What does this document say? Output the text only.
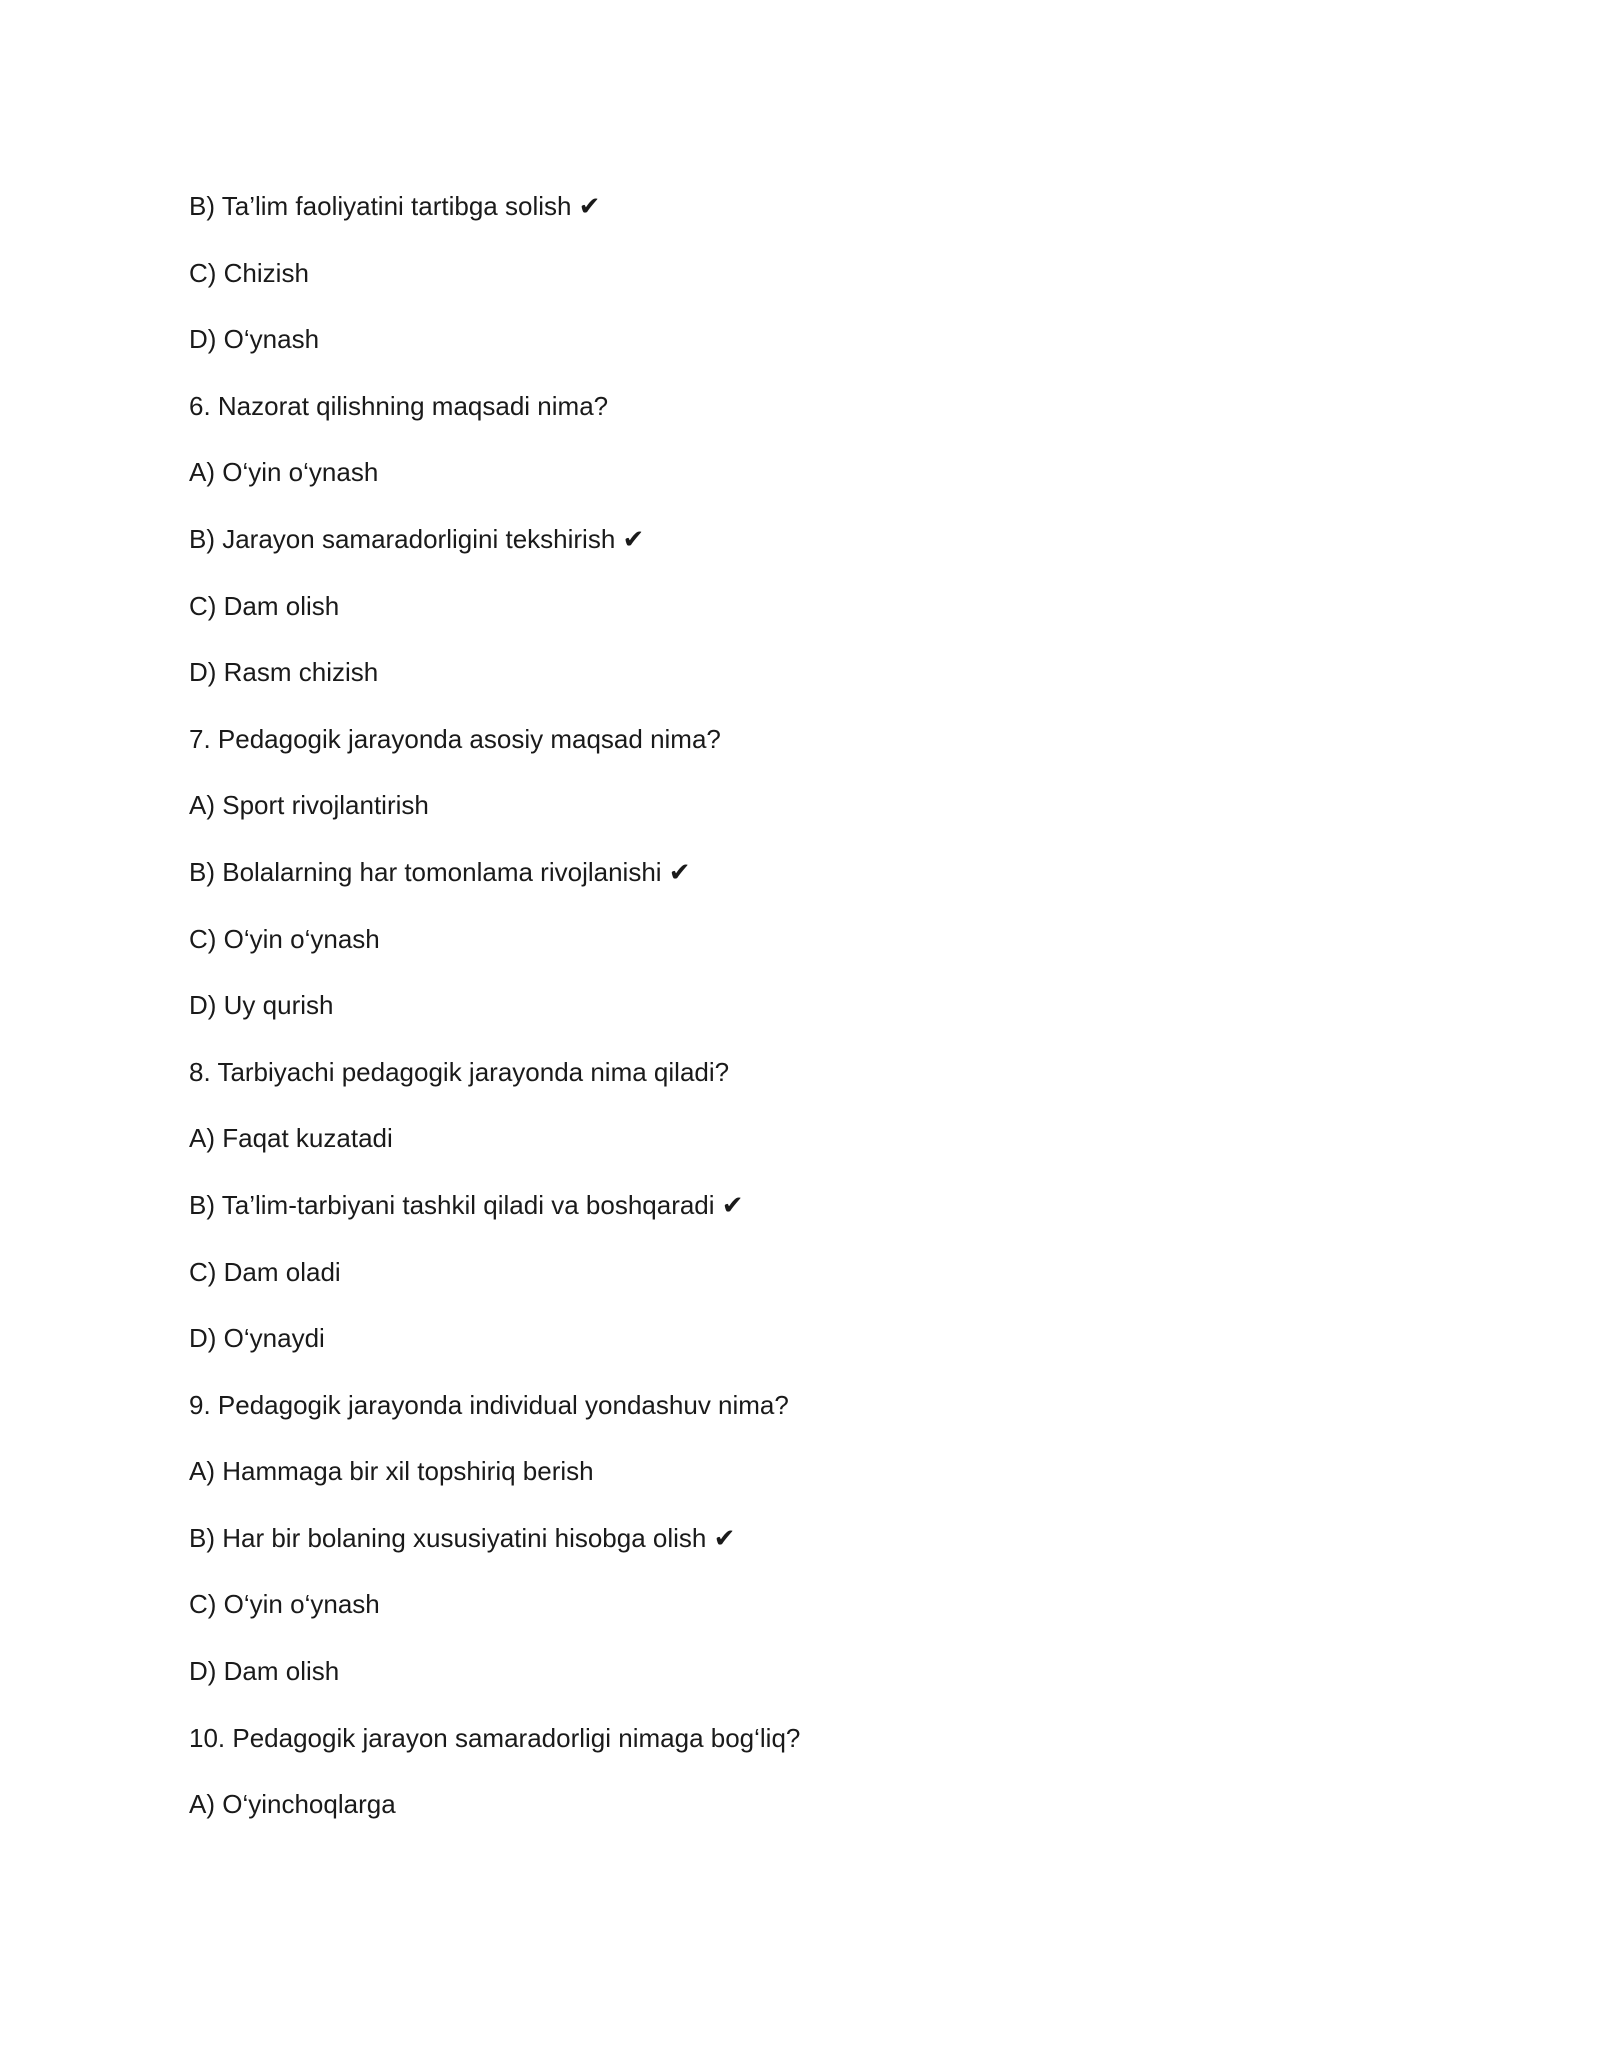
B) Ta’lim faoliyatini tartibga solish ✔
C) Chizish
D) O‘ynash
6. Nazorat qilishning maqsadi nima?
A) O‘yin o‘ynash
B) Jarayon samaradorligini tekshirish ✔
C) Dam olish
D) Rasm chizish
7. Pedagogik jarayonda asosiy maqsad nima?
A) Sport rivojlantirish
B) Bolalarning har tomonlama rivojlanishi ✔
C) O‘yin o‘ynash
D) Uy qurish
8. Tarbiyachi pedagogik jarayonda nima qiladi?
A) Faqat kuzatadi
B) Ta’lim-tarbiyani tashkil qiladi va boshqaradi ✔
C) Dam oladi
D) O‘ynaydi
9. Pedagogik jarayonda individual yondashuv nima?
A) Hammaga bir xil topshiriq berish
B) Har bir bolaning xususiyatini hisobga olish ✔
C) O‘yin o‘ynash
D) Dam olish
10. Pedagogik jarayon samaradorligi nimaga bog‘liq?
A) O‘yinchoqlarga
